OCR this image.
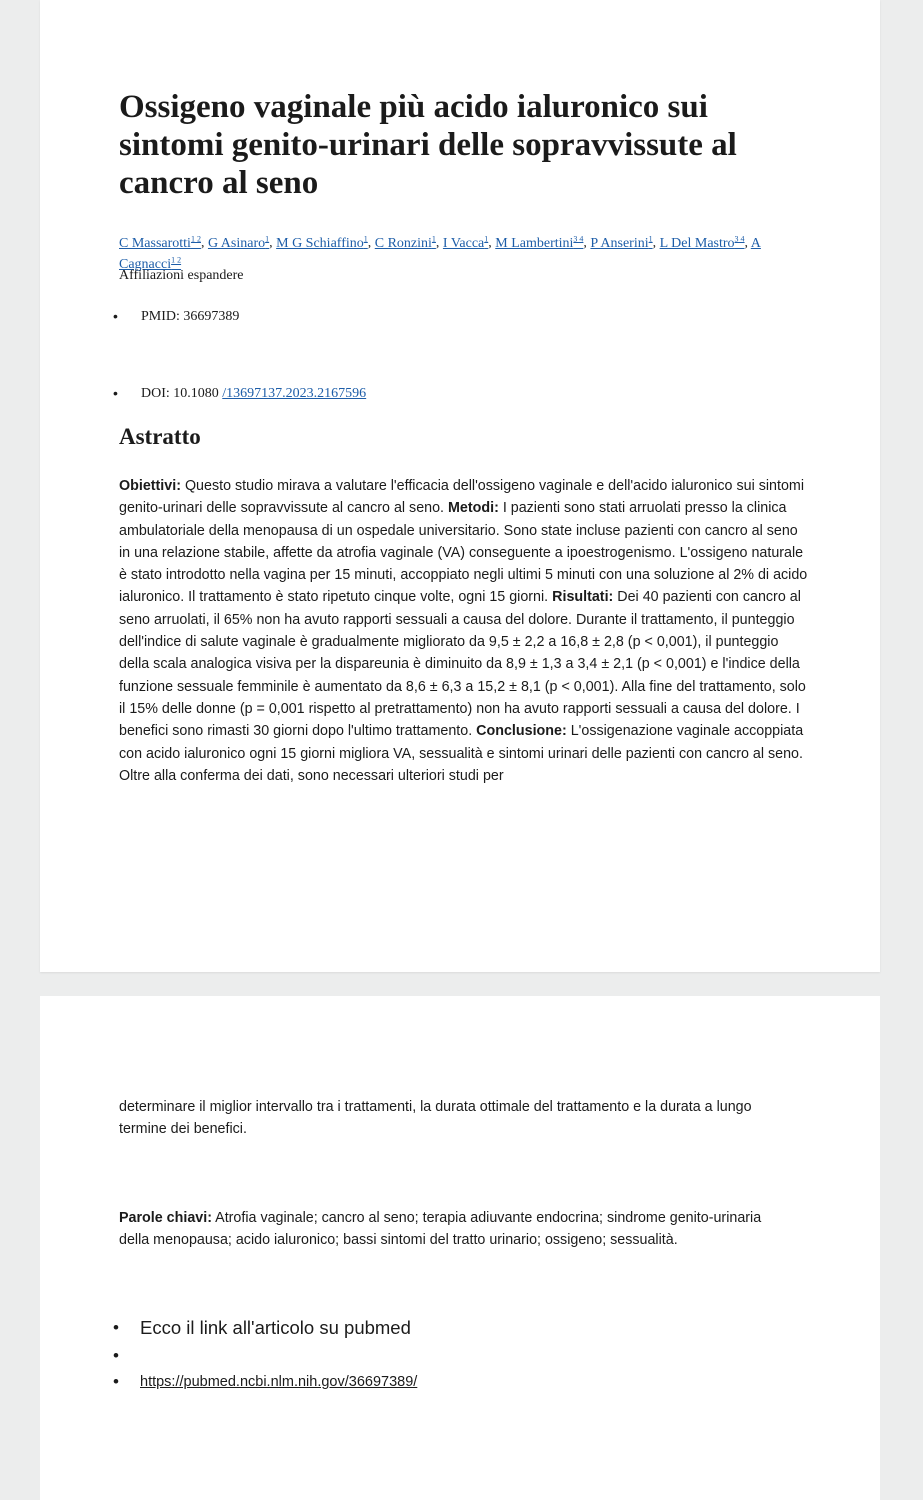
Ossigeno vaginale più acido ialuronico sui sintomi genito-urinari delle sopravvissute al cancro al seno
C Massarotti$^{1 2}$, G Asinaro$^1$, M G Schiaffino$^1$, C Ronzini$^1$, I Vacca$^1$, M Lambertini$^{3 4}$, P Anserini$^1$, L Del Mastro$^{3 4}$, A Cagnacci$^{1 2}$
Affiliazioni espandere
• PMID: 36697389
• DOI: 10.1080 /13697137.2023.2167596
Astratto

Obiettivi: Questo studio mirava a valutare l'efficacia dell'ossigeno vaginale e dell'acido ialuronico sui sintomi genito-urinari delle sopravvissute al cancro al seno. Metodi: I pazienti sono stati arruolati presso la clinica ambulatoriale della menopausa di un ospedale universitario. Sono state incluse pazienti con cancro al seno in una relazione stabile, affette da atrofia vaginale (VA) conseguente a ipoestrogenismo. L'ossigeno naturale è stato introdotto nella vagina per 15 minuti, accoppiato negli ultimi 5 minuti con una soluzione al 2% di acido ialuronico. Il trattamento è stato ripetuto cinque volte, ogni 15 giorni. Risultati: Dei 40 pazienti con cancro al seno arruolati, il 65% non ha avuto rapporti sessuali a causa del dolore. Durante il trattamento, il punteggio dell'indice di salute vaginale è gradualmente migliorato da 9,5 ± 2,2 a 16,8 ± 2,8 (p < 0,001), il punteggio della scala analogica visiva per la dispareunia è diminuito da 8,9 ± 1,3 a 3,4 ± 2,1 (p < 0,001) e l'indice della funzione sessuale femminile è aumentato da 8,6 ± 6,3 a 15,2 ± 8,1 (p < 0,001). Alla fine del trattamento, solo il 15% delle donne (p = 0,001 rispetto al pretrattamento) non ha avuto rapporti sessuali a causa del dolore. I benefici sono rimasti 30 giorni dopo l'ultimo trattamento. Conclusione: L'ossigenazione vaginale accoppiata con acido ialuronico ogni 15 giorni migliora VA, sessualità e sintomi urinari delle pazienti con cancro al seno. Oltre alla conferma dei dati, sono necessari ulteriori studi per

determinare il miglior intervallo tra i trattamenti, la durata ottimale del trattamento e la durata a lungo termine dei benefici.

Parole chiavi: Atrofia vaginale; cancro al seno; terapia adiuvante endocrina; sindrome genito-urinaria della menopausa; acido ialuronico; bassi sintomi del tratto urinario; ossigeno; sessualità.

• Ecco il link all'articolo su pubmed
•
• https://pubmed.ncbi.nlm.nih.gov/36697389/
